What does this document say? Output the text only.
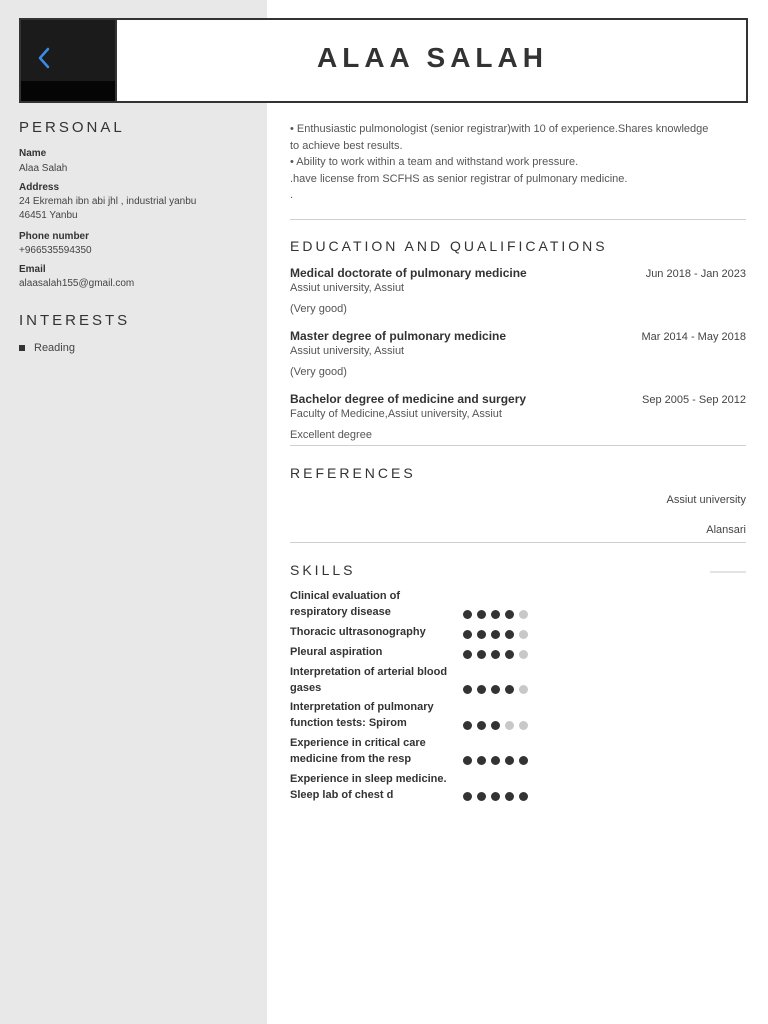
ALAA SALAH
PERSONAL
Name
Alaa Salah
Address
24 Ekremah ibn abi jhl , industrial yanbu
46451 Yanbu
Phone number
+966535594350
Email
alaasalah155@gmail.com
INTERESTS
Reading
• Enthusiastic pulmonologist (senior registrar)with 10 of experience.Shares knowledge
to achieve best results.
• Ability to work within a team and withstand work pressure.
.have license from SCFHS as senior registrar of pulmonary medicine.
.
EDUCATION AND QUALIFICATIONS
Medical doctorate of pulmonary medicine	Jun 2018 - Jan 2023
Assiut university, Assiut
(Very good)
Master degree of pulmonary medicine	Mar 2014 - May 2018
Assiut university, Assiut
(Very good)
Bachelor degree of medicine and surgery	Sep 2005 - Sep 2012
Faculty of Medicine,Assiut university, Assiut
Excellent degree
REFERENCES
Assiut university
Alansari
SKILLS
Clinical evaluation of respiratory disease
Thoracic ultrasonography
Pleural aspiration
Interpretation of arterial blood gases
Interpretation of pulmonary function tests: Spirom
Experience in critical care medicine from the resp
Experience in sleep medicine. Sleep lab of chest d
